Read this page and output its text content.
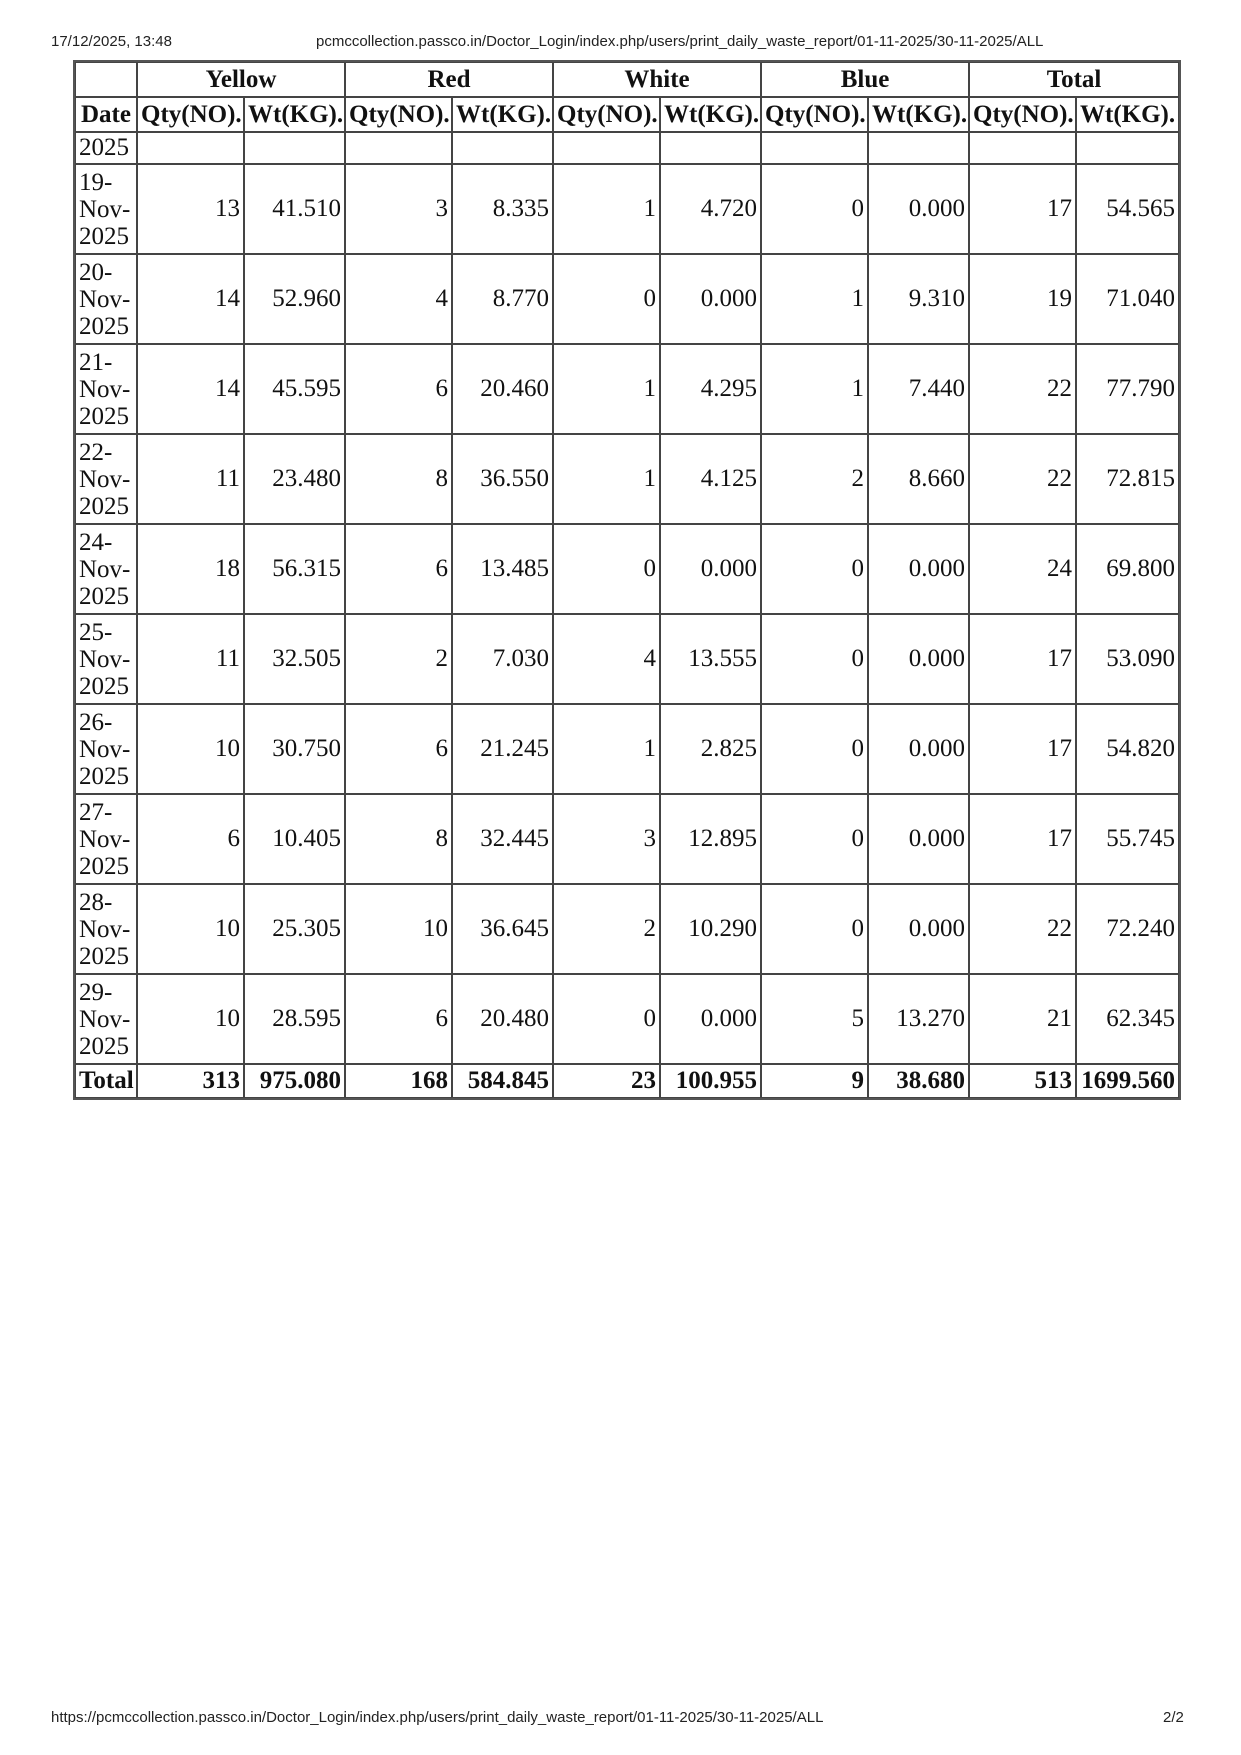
17/12/2025, 13:48	pcmccollection.passco.in/Doctor_Login/index.php/users/print_daily_waste_report/01-11-2025/30-11-2025/ALL
	Yellow		Red		White		Blue		Total	
Date	Qty(NO).	Wt(KG).	Qty(NO).	Wt(KG).	Qty(NO).	Wt(KG).	Qty(NO).	Wt(KG).	Qty(NO).	Wt(KG).
2025										
19-
Nov-
2025	13	41.510	3	8.335	1	4.720	0	0.000	17	54.565
20-
Nov-
2025	14	52.960	4	8.770	0	0.000	1	9.310	19	71.040
21-
Nov-
2025	14	45.595	6	20.460	1	4.295	1	7.440	22	77.790
22-
Nov-
2025	11	23.480	8	36.550	1	4.125	2	8.660	22	72.815
24-
Nov-
2025	18	56.315	6	13.485	0	0.000	0	0.000	24	69.800
25-
Nov-
2025	11	32.505	2	7.030	4	13.555	0	0.000	17	53.090
26-
Nov-
2025	10	30.750	6	21.245	1	2.825	0	0.000	17	54.820
27-
Nov-
2025	6	10.405	8	32.445	3	12.895	0	0.000	17	55.745
28-
Nov-
2025	10	25.305	10	36.645	2	10.290	0	0.000	22	72.240
29-
Nov-
2025	10	28.595	6	20.480	0	0.000	5	13.270	21	62.345
Total	313	975.080	168	584.845	23	100.955	9	38.680	513	1699.560
https://pcmccollection.passco.in/Doctor_Login/index.php/users/print_daily_waste_report/01-11-2025/30-11-2025/ALL	2/2
